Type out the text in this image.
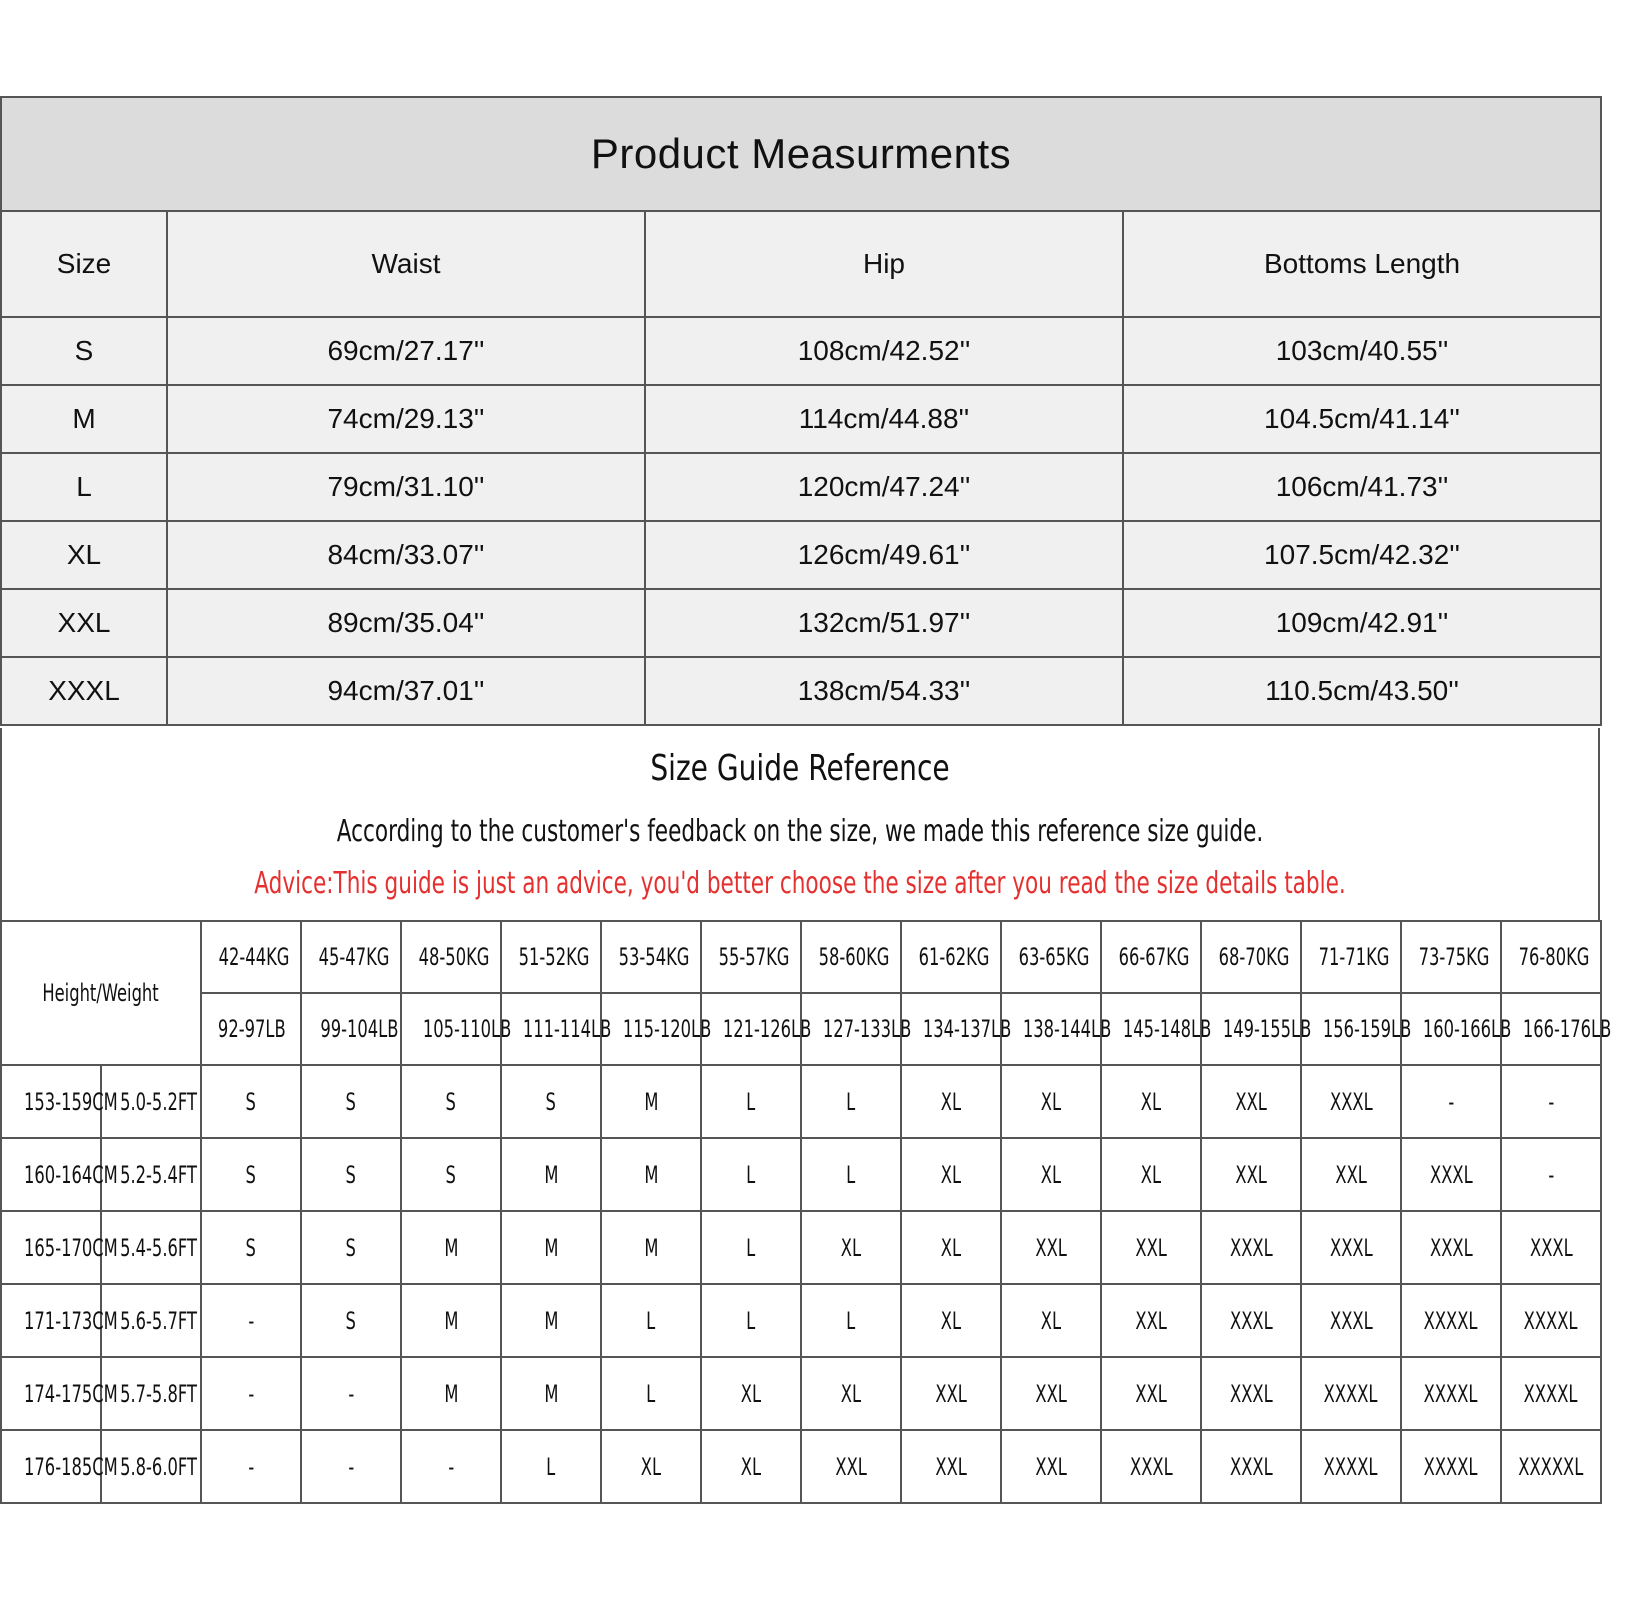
Product Measurments			
Size	Waist	Hip	Bottoms Length
S	69cm/27.17''	108cm/42.52''	103cm/40.55''
M	74cm/29.13''	114cm/44.88''	104.5cm/41.14''
L	79cm/31.10''	120cm/47.24''	106cm/41.73''
XL	84cm/33.07''	126cm/49.61''	107.5cm/42.32''
XXL	89cm/35.04''	132cm/51.97''	109cm/42.91''
XXXL	94cm/37.01''	138cm/54.33''	110.5cm/43.50''
Size Guide Reference
According to the customer's feedback on the size, we made this reference size guide.
Advice:This guide is just an advice, you'd better choose the size after you read the size details table.
Height/Weight		42-44KG	45-47KG	48-50KG	51-52KG	53-54KG	55-57KG	58-60KG	61-62KG	63-65KG	66-67KG	68-70KG	71-71KG	73-75KG	76-80KG
		92-97LB	99-104LB	105-110LB	111-114LB	115-120LB	121-126LB	127-133LB	134-137LB	138-144LB	145-148LB	149-155LB	156-159LB	160-166LB	166-176LB
153-159CM	5.0-5.2FT	S	S	S	S	M	L	L	XL	XL	XL	XXL	XXXL	-	-
160-164CM	5.2-5.4FT	S	S	S	M	M	L	L	XL	XL	XL	XXL	XXL	XXXL	-
165-170CM	5.4-5.6FT	S	S	M	M	M	L	XL	XL	XXL	XXL	XXXL	XXXL	XXXL	XXXL
171-173CM	5.6-5.7FT	-	S	M	M	L	L	L	XL	XL	XXL	XXXL	XXXL	XXXXL	XXXXL
174-175CM	5.7-5.8FT	-	-	M	M	L	XL	XL	XXL	XXL	XXL	XXXL	XXXXL	XXXXL	XXXXL
176-185CM	5.8-6.0FT	-	-	-	L	XL	XL	XXL	XXL	XXL	XXXL	XXXL	XXXXL	XXXXL	XXXXXL
